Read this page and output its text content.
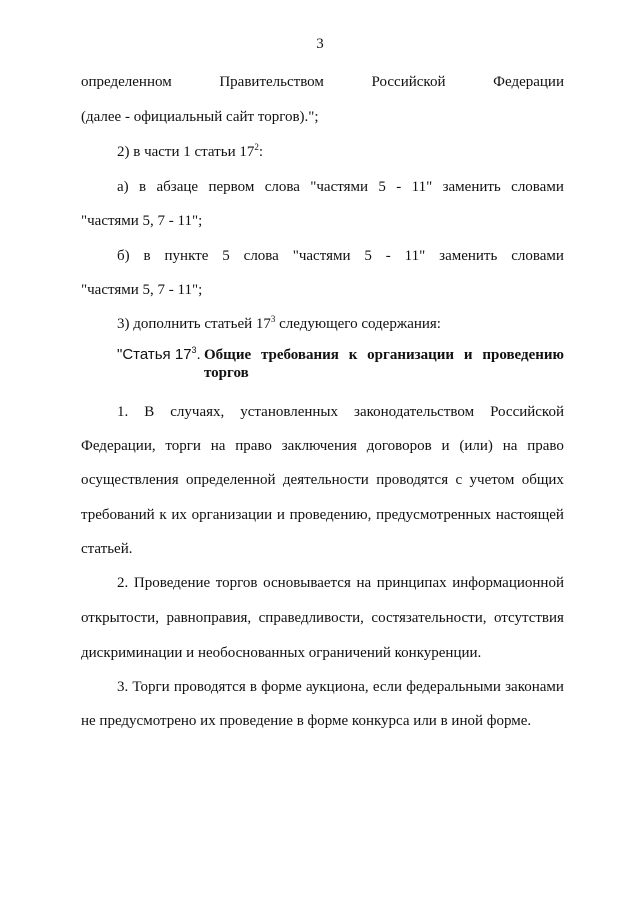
3
определенном	Правительством	Российской	Федерации
(далее - официальный сайт торгов).";
2) в части 1 статьи $17^2$:
а) в абзаце первом слова "частями 5 - 11" заменить словами
"частями 5, 7 - 11";
б) в пункте 5 слова "частями 5 - 11" заменить словами
"частями 5, 7 - 11";
3) дополнить статьей $17^3$ следующего содержания:
"Статья $17^3$. Общие требования к организации и проведению
торгов
1. В случаях, установленных законодательством Российской
Федерации, торги на право заключения договоров и (или) на право
осуществления определенной деятельности проводятся с учетом общих
требований к их организации и проведению, предусмотренных настоящей
статьей.
2. Проведение торгов основывается на принципах информационной
открытости, равноправия, справедливости, состязательности, отсутствия
дискриминации и необоснованных ограничений конкуренции.
3. Торги проводятся в форме аукциона, если федеральными законами
не предусмотрено их проведение в форме конкурса или в иной форме.
